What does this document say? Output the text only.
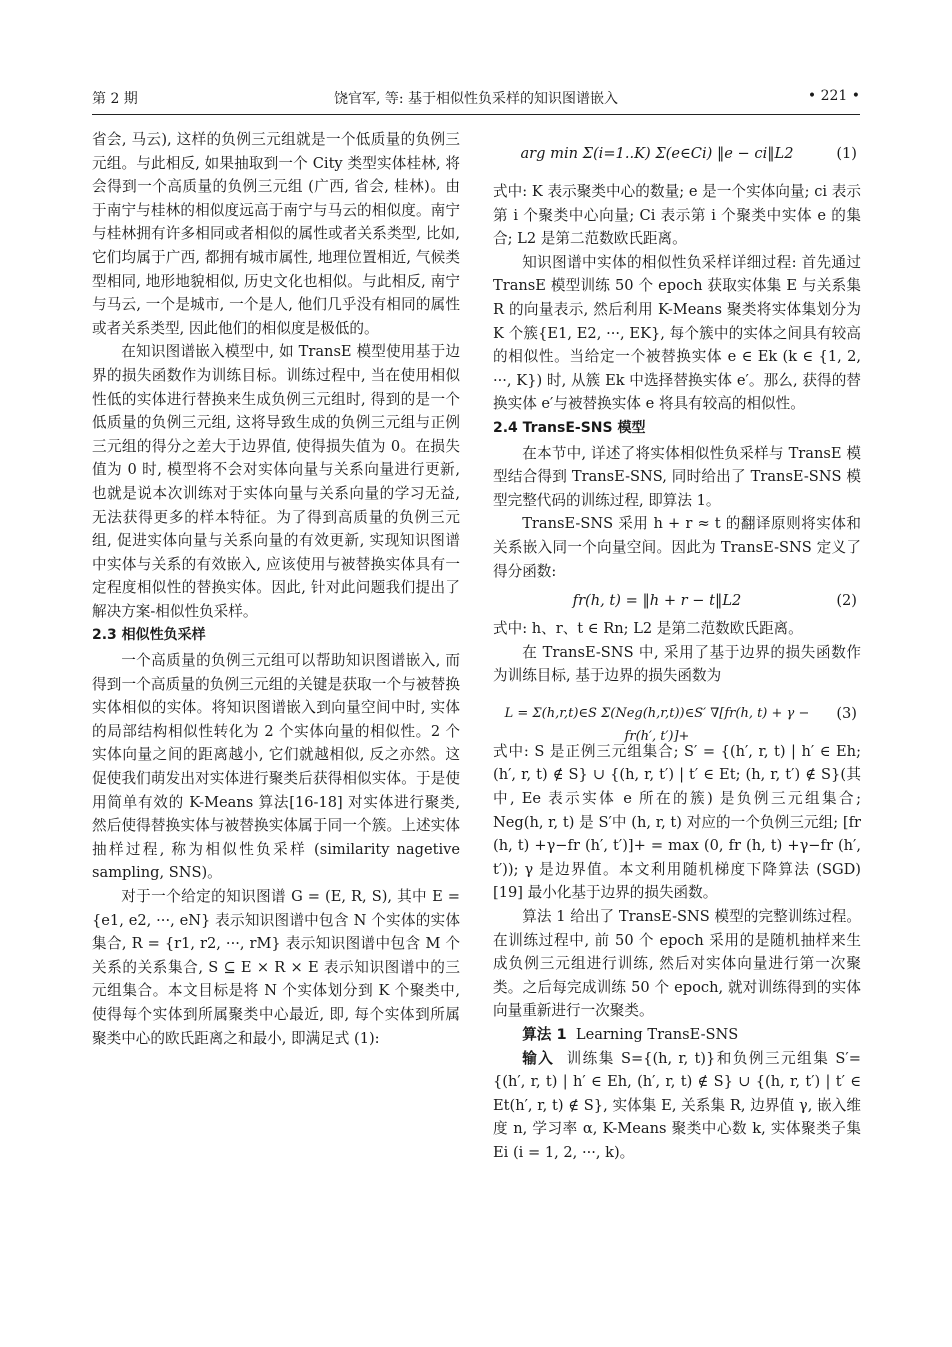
第 2 期	饶官军, 等: 基于相似性负采样的知识图谱嵌入	• 221 •

省会, 马云), 这样的负例三元组就是一个低质量的负例三元组。与此相反, 如果抽取到一个 City 类型实体桂林, 将会得到一个高质量的负例三元组 (广西, 省会, 桂林)。由于南宁与桂林的相似度远高于南宁与马云的相似度。南宁与桂林拥有许多相同或者相似的属性或者关系类型, 比如, 它们均属于广西, 都拥有城市属性, 地理位置相近, 气候类型相同, 地形地貌相似, 历史文化也相似。与此相反, 南宁与马云, 一个是城市, 一个是人, 他们几乎没有相同的属性或者关系类型, 因此他们的相似度是极低的。

在知识图谱嵌入模型中, 如 TransE 模型使用基于边界的损失函数作为训练目标。训练过程中, 当在使用相似性低的实体进行替换来生成负例三元组时, 得到的是一个低质量的负例三元组, 这将导致生成的负例三元组与正例三元组的得分之差大于边界值, 使得损失值为 0。在损失值为 0 时, 模型将不会对实体向量与关系向量进行更新, 也就是说本次训练对于实体向量与关系向量的学习无益, 无法获得更多的样本特征。为了得到高质量的负例三元组, 促进实体向量与关系向量的有效更新, 实现知识图谱中实体与关系的有效嵌入, 应该使用与被替换实体具有一定程度相似性的替换实体。因此, 针对此问题我们提出了解决方案-相似性负采样。

2.3 相似性负采样

一个高质量的负例三元组可以帮助知识图谱嵌入, 而得到一个高质量的负例三元组的关键是获取一个与被替换实体相似的实体。将知识图谱嵌入到向量空间中时, 实体的局部结构相似性转化为 2 个实体向量的相似性。2 个实体向量之间的距离越小, 它们就越相似, 反之亦然。这促使我们萌发出对实体进行聚类后获得相似实体。于是使用简单有效的 K-Means 算法[16-18] 对实体进行聚类, 然后使得替换实体与被替换实体属于同一个簇。上述实体抽样过程, 称为相似性负采样 (similarity nagetive sampling, SNS)。

对于一个给定的知识图谱 G = (E, R, S), 其中 E = {e1, e2, ···, eN} 表示知识图谱中包含 N 个实体的实体集合, R = {r1, r2, ···, rM} 表示知识图谱中包含 M 个关系的关系集合, S ⊆ E × R × E 表示知识图谱中的三元组集合。本文目标是将 N 个实体划分到 K 个聚类中, 使得每个实体到所属聚类中心最近, 即, 每个实体到所属聚类中心的欧氏距离之和最小, 即满足式 (1):

arg min Σ(i=1..K) Σ(e∈Ci) ‖e − ci‖L2	(1)

式中: K 表示聚类中心的数量; e 是一个实体向量; ci 表示第 i 个聚类中心向量; Ci 表示第 i 个聚类中实体 e 的集合; L2 是第二范数欧氏距离。

知识图谱中实体的相似性负采样详细过程: 首先通过 TransE 模型训练 50 个 epoch 获取实体集 E 与关系集 R 的向量表示, 然后利用 K-Means 聚类将实体集划分为 K 个簇{E1, E2, ···, EK}, 每个簇中的实体之间具有较高的相似性。当给定一个被替换实体 e ∈ Ek (k ∈ {1, 2, ···, K}) 时, 从簇 Ek 中选择替换实体 e′。那么, 获得的替换实体 e′与被替换实体 e 将具有较高的相似性。

2.4 TransE-SNS 模型

在本节中, 详述了将实体相似性负采样与 TransE 模型结合得到 TransE-SNS, 同时给出了 TransE-SNS 模型完整代码的训练过程, 即算法 1。

TransE-SNS 采用 h + r ≈ t 的翻译原则将实体和关系嵌入同一个向量空间。因此为 TransE-SNS 定义了得分函数:

fr(h, t) = ‖h + r − t‖L2	(2)

式中: h、r、t ∈ Rn; L2 是第二范数欧氏距离。

在 TransE-SNS 中, 采用了基于边界的损失函数作为训练目标, 基于边界的损失函数为

L = Σ(h,r,t)∈S Σ(Neg(h,r,t))∈S′ ∇[fr(h, t) + γ − fr(h′, t′)]+
(3)

式中: S 是正例三元组集合; S′ = {(h′, r, t) | h′ ∈ Eh; (h′, r, t) ∉ S} ∪ {(h, r, t′) | t′ ∈ Et; (h, r, t′) ∉ S}(其中, Ee 表示实体 e 所在的簇) 是负例三元组集合; Neg(h, r, t) 是 S′中 (h, r, t) 对应的一个负例三元组; [fr (h, t) +γ−fr (h′, t′)]+ = max (0, fr (h, t) +γ−fr (h′, t′)); γ 是边界值。本文利用随机梯度下降算法 (SGD)[19] 最小化基于边界的损失函数。

算法 1 给出了 TransE-SNS 模型的完整训练过程。在训练过程中, 前 50 个 epoch 采用的是随机抽样来生成负例三元组进行训练, 然后对实体向量进行第一次聚类。之后每完成训练 50 个 epoch, 就对训练得到的实体向量重新进行一次聚类。

算法 1 Learning TransE-SNS

输入 训练集 S={(h, r, t)}和负例三元组集 S′= {(h′, r, t) | h′ ∈ Eh, (h′, r, t) ∉ S} ∪ {(h, r, t′) | t′ ∈ Et(h′, r, t) ∉ S}, 实体集 E, 关系集 R, 边界值 γ, 嵌入维度 n, 学习率 α, K-Means 聚类中心数 k, 实体聚类子集 Ei (i = 1, 2, ···, k)。
